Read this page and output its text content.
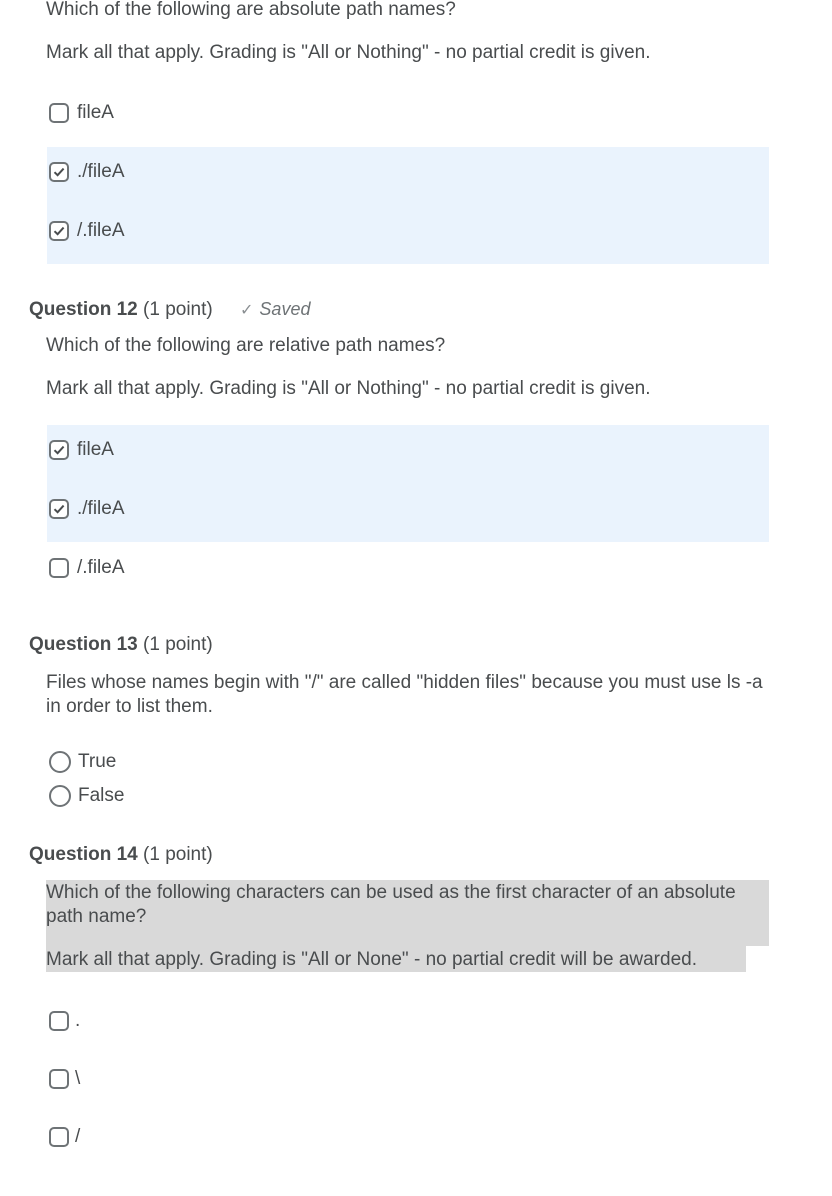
Which of the following are absolute path names?
Mark all that apply. Grading is "All or Nothing" - no partial credit is given.
fileA
./fileA
/.fileA
Question 12 (1 point) ✓ Saved
Which of the following are relative path names?
Mark all that apply. Grading is "All or Nothing" - no partial credit is given.
fileA
./fileA
/.fileA
Question 13 (1 point)
Files whose names begin with "/" are called "hidden files" because you must use ls -a in order to list them.
True
False
Question 14 (1 point)
Which of the following characters can be used as the first character of an absolute path name?
Mark all that apply. Grading is "All or None" - no partial credit will be awarded.
.
\
/
